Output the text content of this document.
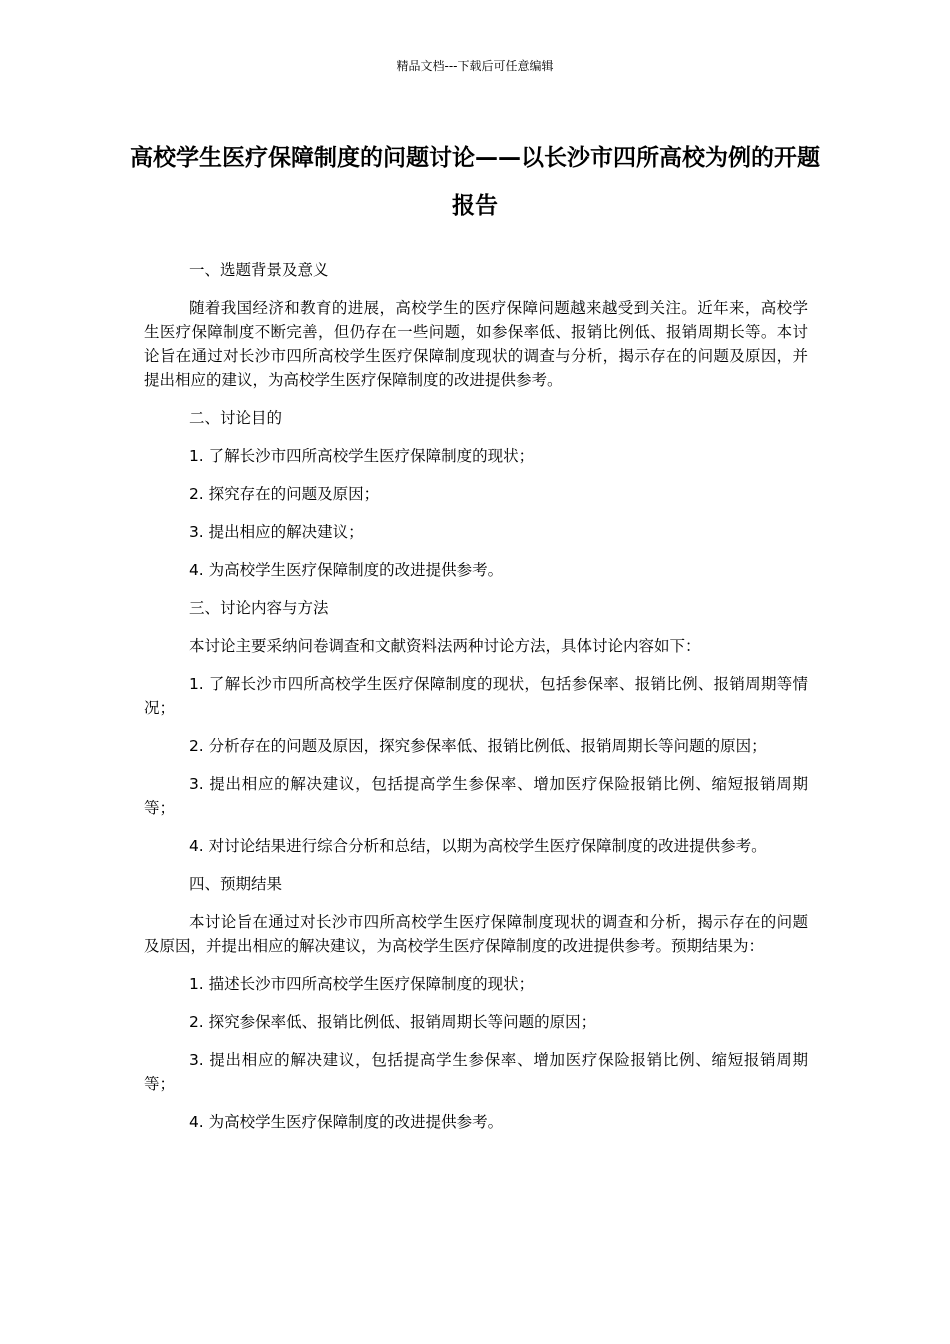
精品文档---下载后可任意编辑
高校学生医疗保障制度的问题讨论——以长沙市四所高校为例的开题报告

一、选题背景及意义

随着我国经济和教育的进展，高校学生的医疗保障问题越来越受到关注。近年来，高校学生医疗保障制度不断完善，但仍存在一些问题，如参保率低、报销比例低、报销周期长等。本讨论旨在通过对长沙市四所高校学生医疗保障制度现状的调查与分析，揭示存在的问题及原因，并提出相应的建议，为高校学生医疗保障制度的改进提供参考。

二、讨论目的

1. 了解长沙市四所高校学生医疗保障制度的现状；

2. 探究存在的问题及原因；

3. 提出相应的解决建议；

4. 为高校学生医疗保障制度的改进提供参考。

三、讨论内容与方法

本讨论主要采纳问卷调查和文献资料法两种讨论方法，具体讨论内容如下：

1. 了解长沙市四所高校学生医疗保障制度的现状，包括参保率、报销比例、报销周期等情况；

2. 分析存在的问题及原因，探究参保率低、报销比例低、报销周期长等问题的原因；

3. 提出相应的解决建议，包括提高学生参保率、增加医疗保险报销比例、缩短报销周期等；

4. 对讨论结果进行综合分析和总结，以期为高校学生医疗保障制度的改进提供参考。

四、预期结果

本讨论旨在通过对长沙市四所高校学生医疗保障制度现状的调查和分析，揭示存在的问题及原因，并提出相应的解决建议，为高校学生医疗保障制度的改进提供参考。预期结果为：

1. 描述长沙市四所高校学生医疗保障制度的现状；

2. 探究参保率低、报销比例低、报销周期长等问题的原因；

3. 提出相应的解决建议，包括提高学生参保率、增加医疗保险报销比例、缩短报销周期等；

4. 为高校学生医疗保障制度的改进提供参考。
